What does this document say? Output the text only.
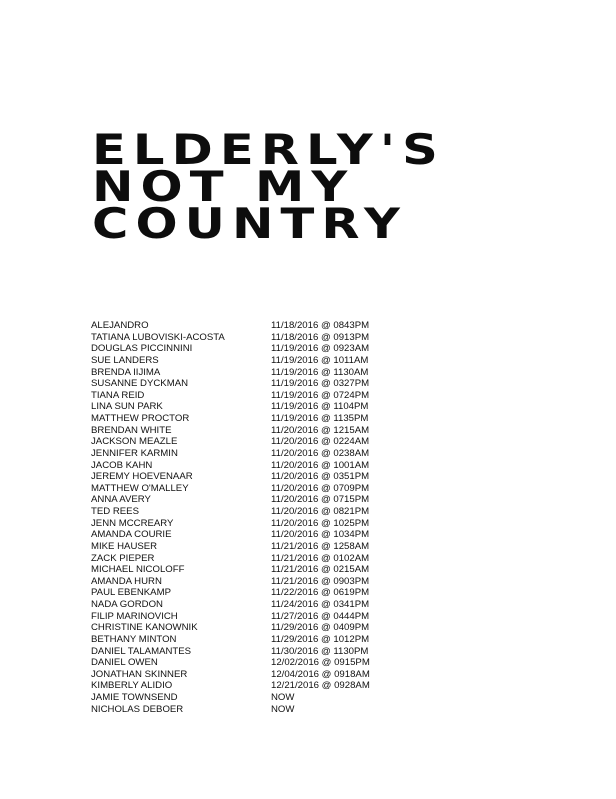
ELDERLY'S
NOT MY
COUNTRY
ALEJANDRO	11/18/2016 @ 0843PM
TATIANA LUBOVISKI-ACOSTA	11/18/2016 @ 0913PM
DOUGLAS PICCINNINI	11/19/2016 @ 0923AM
SUE LANDERS	11/19/2016 @ 1011AM
BRENDA IIJIMA	11/19/2016 @ 1130AM
SUSANNE DYCKMAN	11/19/2016 @ 0327PM
TIANA REID	11/19/2016 @ 0724PM
LINA SUN PARK	11/19/2016 @ 1104PM
MATTHEW PROCTOR	11/19/2016 @ 1135PM
BRENDAN WHITE	11/20/2016 @ 1215AM
JACKSON MEAZLE	11/20/2016 @ 0224AM
JENNIFER KARMIN	11/20/2016 @ 0238AM
JACOB KAHN	11/20/2016 @ 1001AM
JEREMY HOEVENAAR	11/20/2016 @ 0351PM
MATTHEW O'MALLEY	11/20/2016 @ 0709PM
ANNA AVERY	11/20/2016 @ 0715PM
TED REES	11/20/2016 @ 0821PM
JENN MCCREARY	11/20/2016 @ 1025PM
AMANDA COURIE	11/20/2016 @ 1034PM
MIKE HAUSER	11/21/2016 @ 1258AM
ZACK PIEPER	11/21/2016 @ 0102AM
MICHAEL NICOLOFF	11/21/2016 @ 0215AM
AMANDA HURN	11/21/2016 @ 0903PM
PAUL EBENKAMP	11/22/2016 @ 0619PM
NADA GORDON	11/24/2016 @ 0341PM
FILIP MARINOVICH	11/27/2016 @ 0444PM
CHRISTINE KANOWNIK	11/29/2016 @ 0409PM
BETHANY MINTON	11/29/2016 @ 1012PM
DANIEL TALAMANTES	11/30/2016 @ 1130PM
DANIEL OWEN	12/02/2016 @ 0915PM
JONATHAN SKINNER	12/04/2016 @ 0918AM
KIMBERLY ALIDIO	12/21/2016 @ 0928AM
JAMIE TOWNSEND	NOW
NICHOLAS DEBOER	NOW
